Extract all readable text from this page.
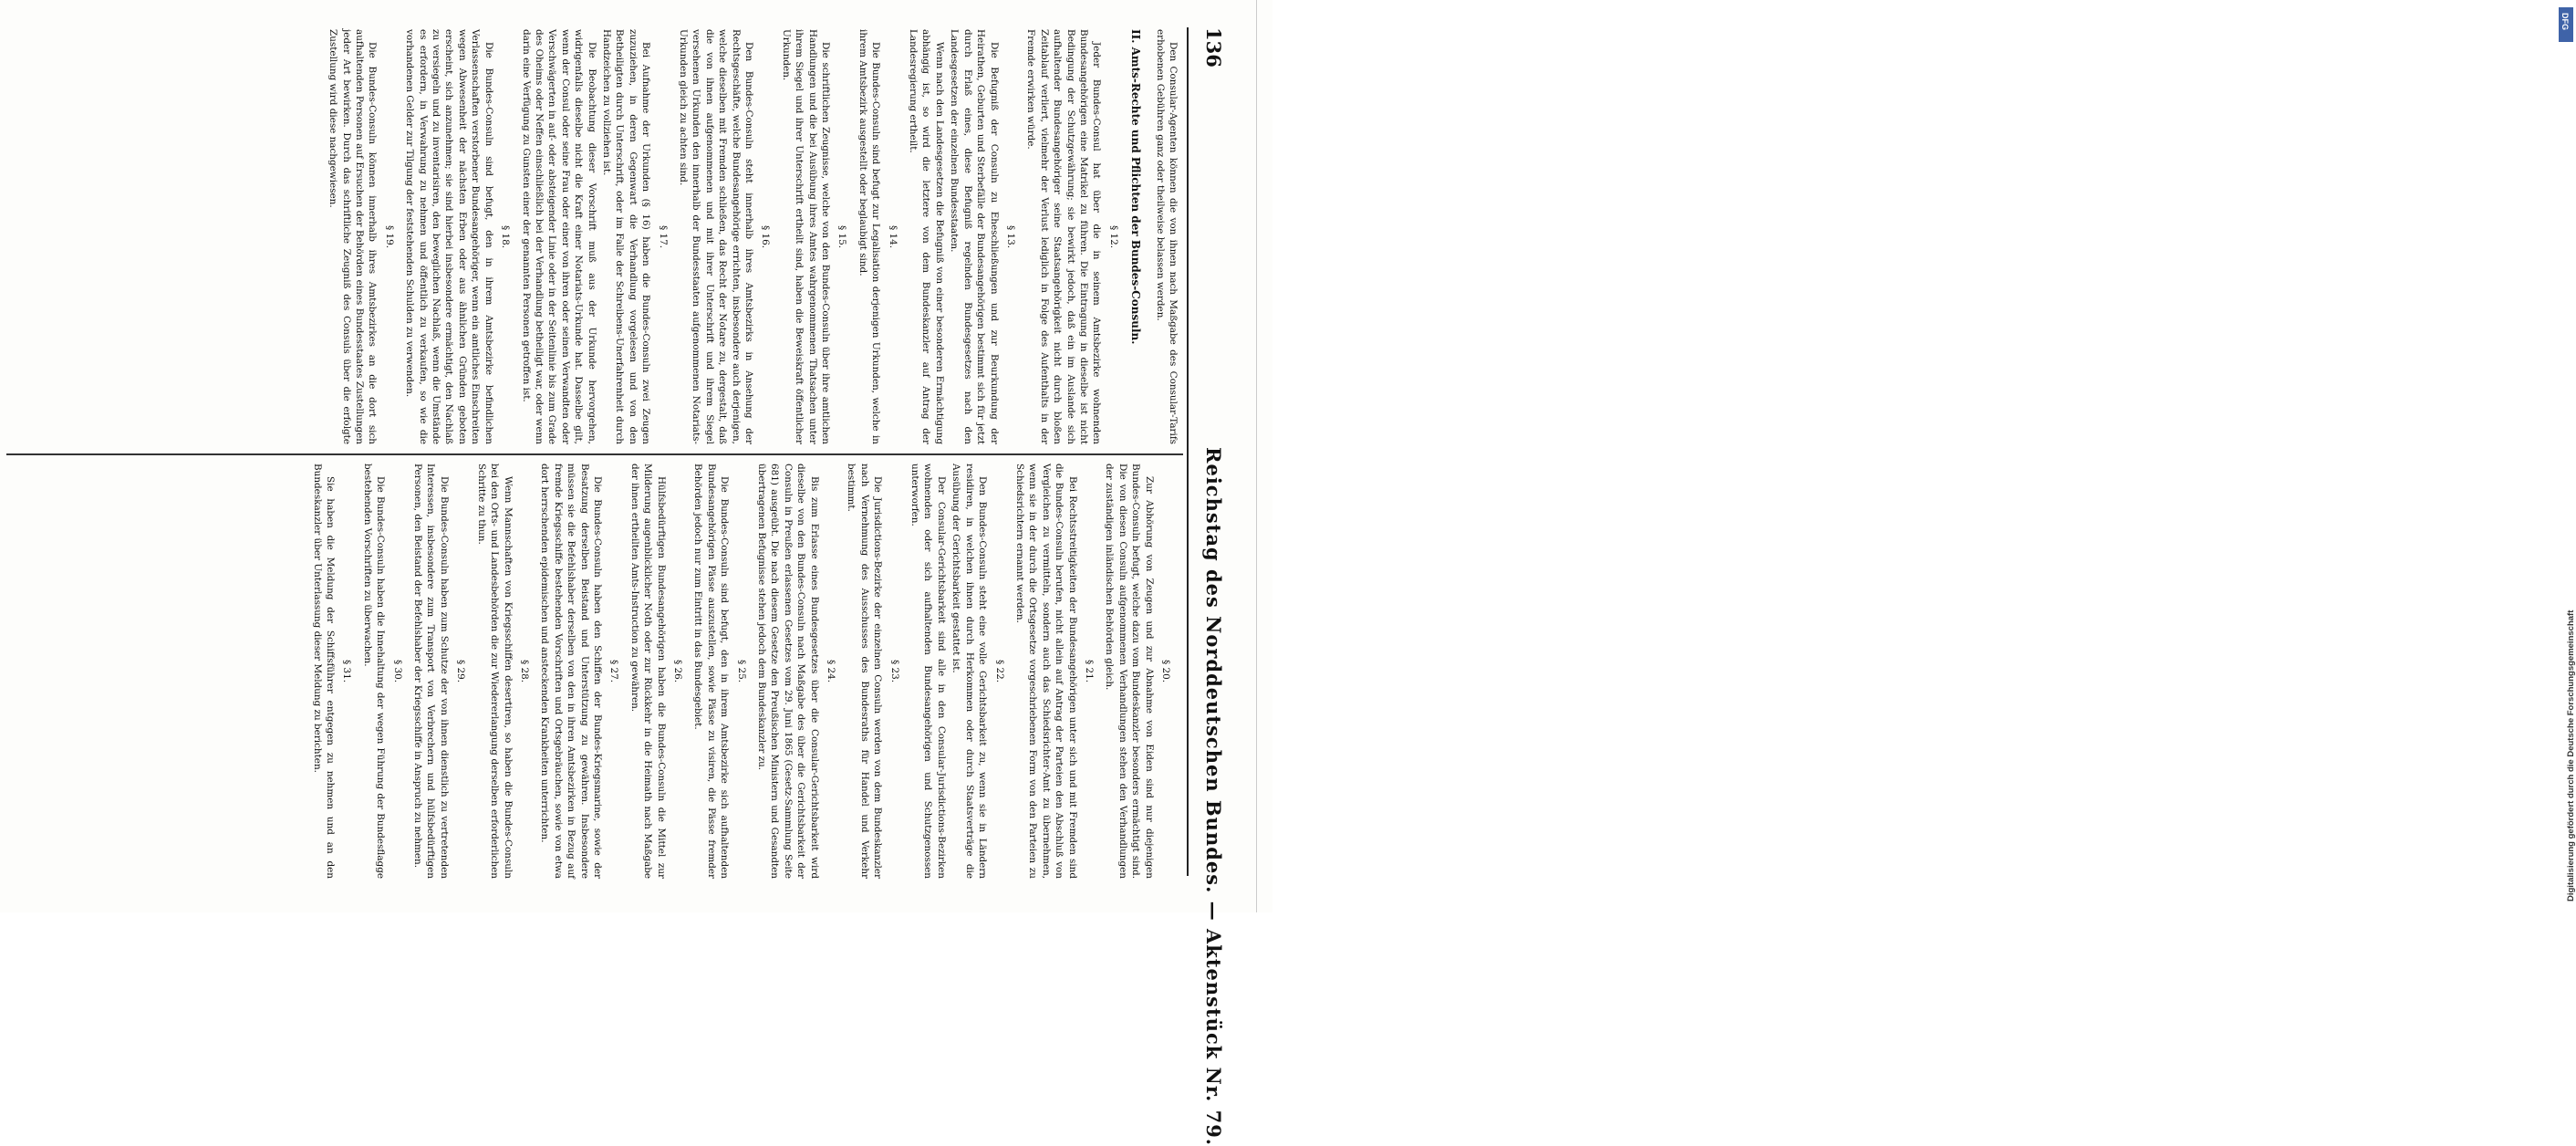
136
Reichstag des Norddeutschen Bundes. — Aktenstück Nr. 79.

Den Consular-Agenten können die von ihnen nach Maßgabe des Consular-Tarifs erhobenen Gebühren ganz oder theilweise belassen werden.

II. Amts-Rechte und Pflichten der Bundes-Consuln.

§ 12.

Jeder Bundes-Consul hat über die in seinem Amtsbezirke wohnenden Bundesangehörigen eine Matrikel zu führen. Die Eintragung in dieselbe ist nicht Bedingung der Schutzgewährung; sie bewirkt jedoch, daß ein im Auslande sich aufhaltender Bundesangehöriger seine Staatsangehörigkeit nicht durch bloßen Zeitablauf verliert, vielmehr der Verlust lediglich in Folge des Aufenthalts in der Fremde erwirken würde.

§ 13.

Die Befugniß der Consuln zu Eheschließungen und zur Beurkundung der Heirathen, Geburten und Sterbefälle der Bundesangehörigen bestimmt sich für jetzt durch Erlaß eines, diese Befugniß regelnden Bundesgesetzes nach den Landesgesetzen der einzelnen Bundesstaaten.

Wenn nach den Landesgesetzen die Befugniß von einer besonderen Ermächtigung abhängig ist, so wird die letztere von dem Bundeskanzler auf Antrag der Landesregierung ertheilt.

§ 14.

Die Bundes-Consuln sind befugt zur Legalisation derjenigen Urkunden, welche in ihrem Amtsbezirk ausgestellt oder beglaubigt sind.

§ 15.

Die schriftlichen Zeugnisse, welche von den Bundes-Consuln über ihre amtlichen Handlungen und die bei Ausübung ihres Amtes wahrgenommenen Thatsachen unter ihrem Siegel und ihrer Unterschrift ertheilt sind, haben die Beweiskraft öffentlicher Urkunden.

§ 16.

Den Bundes-Consuln steht innerhalb ihres Amtsbezirks in Ansehung der Rechtsgeschäfte, welche Bundesangehörige errichten, insbesondere auch derjenigen, welche dieselben mit Fremden schließen, das Recht der Notare zu, dergestalt, daß die von ihnen aufgenommenen und mit ihrer Unterschrift und ihrem Siegel versehenen Urkunden den innerhalb der Bundesstaaten aufgenommenen Notariats-Urkunden gleich zu achten sind.

§ 17.

Bei Aufnahme der Urkunden (§ 16) haben die Bundes-Consuln zwei Zeugen zuzuziehen, in deren Gegenwart die Verhandlung vorgelesen und von den Betheiligten durch Unterschrift, oder im Falle der Schreibens-Unerfahrenheit durch Handzeichen zu vollziehen ist.

Die Beobachtung dieser Vorschrift muß aus der Urkunde hervorgehen, widrigenfalls dieselbe nicht die Kraft einer Notariats-Urkunde hat. Dasselbe gilt, wenn der Consul oder seine Frau oder einer von ihren oder seinen Verwandten oder Verschwägerten in auf- oder absteigender Linie oder in der Seitenlinie bis zum Grade des Oheims oder Neffen einschließlich bei der Verhandlung betheiligt war, oder wenn darin eine Verfügung zu Gunsten einer der genannten Personen getroffen ist.

§ 18.

Die Bundes-Consuln sind befugt, den in ihrem Amtsbezirke befindlichen Verlassenschaften verstorbener Bundesangehöriger, wenn ein amtliches Einschreiten wegen Abwesenheit der nächsten Erben oder aus ähnlichen Gründen geboten erscheint, sich anzunehmen; sie sind hierbei insbesondere ermächtigt, den Nachlaß zu versiegeln und zu inventarisiren, den beweglichen Nachlaß, wenn die Umstände es erfordern, in Verwahrung zu nehmen und öffentlich zu verkaufen, so wie die vorhandenen Gelder zur Tilgung der feststehenden Schulden zu verwenden.

§ 19.

Die Bundes-Consuln können innerhalb ihres Amtsbezirkes an die dort sich aufhaltenden Personen auf Ersuchen der Behörden eines Bundesstaates Zustellungen jeder Art bewirken. Durch das schriftliche Zeugniß des Consuls über die erfolgte Zustellung wird diese nachgewiesen.

§ 20.

Zur Abhörung von Zeugen und zur Abnahme von Eiden sind nur diejenigen Bundes-Consuln befugt, welche dazu vom Bundeskanzler besonders ermächtigt sind. Die von diesen Consuln aufgenommenen Verhandlungen stehen den Verhandlungen der zuständigen inländischen Behörden gleich.

§ 21.

Bei Rechtsstreitigkeiten der Bundesangehörigen unter sich und mit Fremden sind die Bundes-Consuln berufen, nicht allein auf Antrag der Parteien den Abschluß von Vergleichen zu vermitteln, sondern auch das Schiedsrichter-Amt zu übernehmen, wenn sie in der durch die Ortsgesetze vorgeschriebenen Form von den Parteien zu Schiedsrichtern ernannt werden.

§ 22.

Den Bundes-Consuln steht eine volle Gerichtsbarkeit zu, wenn sie in Ländern residiren, in welchen ihnen durch Herkommen oder durch Staatsverträge die Ausübung der Gerichtsbarkeit gestattet ist.

Der Consular-Gerichtsbarkeit sind alle in den Consular-Jurisdictions-Bezirken wohnenden oder sich aufhaltenden Bundesangehörigen und Schutzgenossen unterworfen.

§ 23.

Die Jurisdictions-Bezirke der einzelnen Consuln werden von dem Bundeskanzler nach Vernehmung des Ausschusses des Bundesraths für Handel und Verkehr bestimmt.

§ 24.

Bis zum Erlasse eines Bundesgesetzes über die Consular-Gerichtsbarkeit wird dieselbe von den Bundes-Consuln nach Maßgabe des über die Gerichtsbarkeit der Consuln in Preußen erlassenen Gesetzes vom 29. Juni 1865 (Gesetz-Sammlung Seite 681) ausgeübt. Die nach diesem Gesetze den Preußischen Ministern und Gesandten übertragenen Befugnisse stehen jedoch dem Bundeskanzler zu.

§ 25.

Die Bundes-Consuln sind befugt, den in ihrem Amtsbezirke sich aufhaltenden Bundesangehörigen Pässe auszustellen, sowie Pässe zu visiren, die Pässe fremder Behörden jedoch nur zum Eintritt in das Bundesgebiet.

§ 26.

Hülfsbedürftigen Bundesangehörigen haben die Bundes-Consuln die Mittel zur Milderung augenblicklicher Noth oder zur Rückkehr in die Heimath nach Maßgabe der ihnen ertheilten Amts-Instruction zu gewähren.

§ 27.

Die Bundes-Consuln haben den Schiffen der Bundes-Kriegsmarine, sowie der Besatzung derselben Beistand und Unterstützung zu gewähren. Insbesondere müssen sie die Befehlshaber derselben von den in ihren Amtsbezirken in Bezug auf fremde Kriegsschiffe bestehenden Vorschriften und Ortsgebräuchen, sowie von etwa dort herrschenden epidemischen und ansteckenden Krankheiten unterrichten.

§ 28.

Wenn Mannschaften von Kriegsschiffen desertiren, so haben die Bundes-Consuln bei den Orts- und Landesbehörden die zur Wiedererlangung derselben erforderlichen Schritte zu thun.

§ 29.

Die Bundes-Consuln haben zum Schutze der von ihnen dienstlich zu vertretenden Interessen, insbesondere zum Transport von Verbrechern und hülfsbedürftigen Personen, den Beistand der Befehlshaber der Kriegsschiffe in Anspruch zu nehmen.

§ 30.

Die Bundes-Consuln haben die Innehaltung der wegen Führung der Bundesflagge bestehenden Vorschriften zu überwachen.

§ 31.

Sie haben die Meldung der Schiffsführer entgegen zu nehmen und an den Bundeskanzler über Unterlassung dieser Meldung zu berichten.

DFG
Digitalisierung gefördert durch die Deutsche Forschungsgemeinschaft
